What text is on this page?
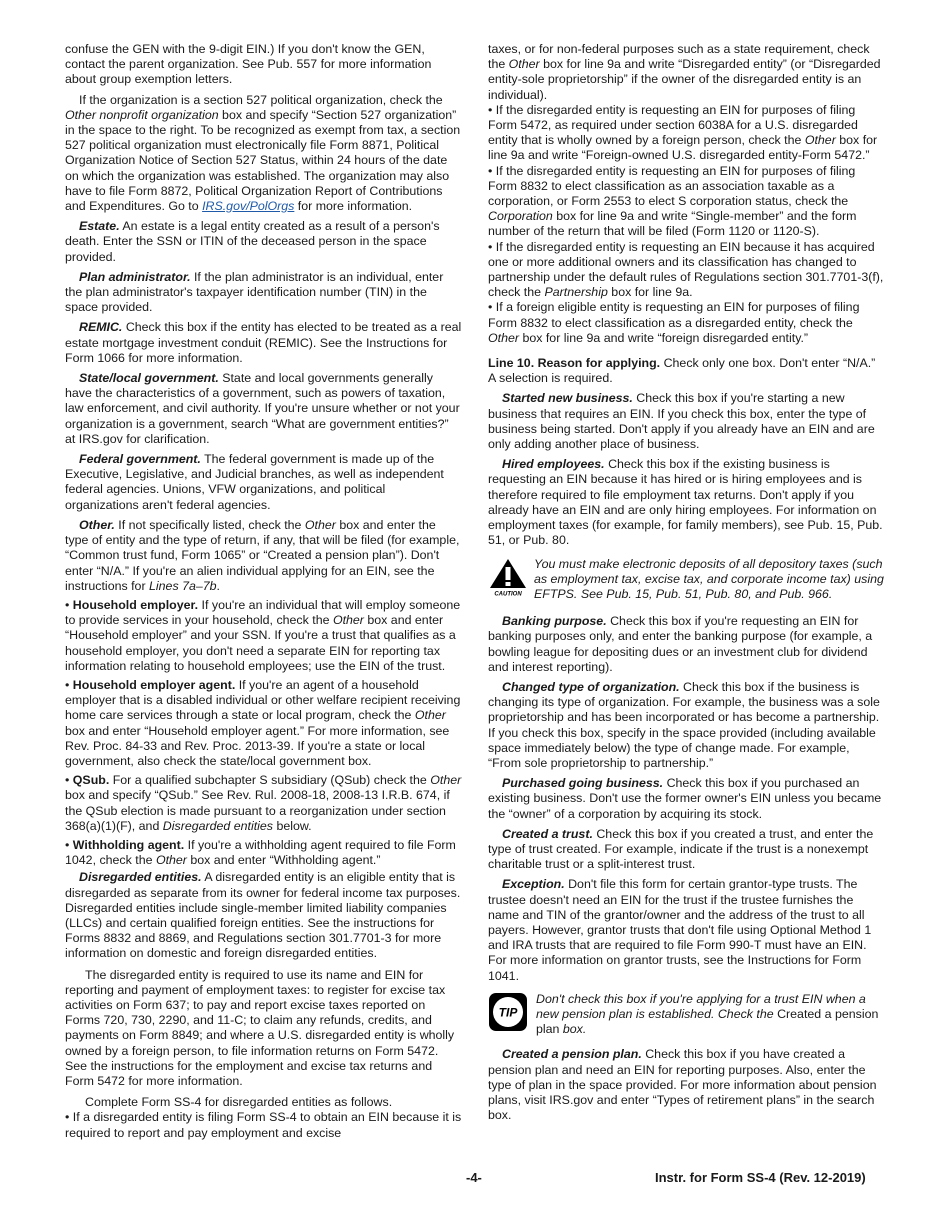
confuse the GEN with the 9-digit EIN.) If you don't know the GEN, contact the parent organization. See Pub. 557 for more information about group exemption letters.

If the organization is a section 527 political organization, check the Other nonprofit organization box and specify “Section 527 organization” in the space to the right. To be recognized as exempt from tax, a section 527 political organization must electronically file Form 8871, Political Organization Notice of Section 527 Status, within 24 hours of the date on which the organization was established. The organization may also have to file Form 8872, Political Organization Report of Contributions and Expenditures. Go to IRS.gov/PolOrgs for more information.

Estate. An estate is a legal entity created as a result of a person's death. Enter the SSN or ITIN of the deceased person in the space provided.

Plan administrator. If the plan administrator is an individual, enter the plan administrator's taxpayer identification number (TIN) in the space provided.

REMIC. Check this box if the entity has elected to be treated as a real estate mortgage investment conduit (REMIC). See the Instructions for Form 1066 for more information.

State/local government. State and local governments generally have the characteristics of a government, such as powers of taxation, law enforcement, and civil authority. If you're unsure whether or not your organization is a government, search “What are government entities?” at IRS.gov for clarification.

Federal government. The federal government is made up of the Executive, Legislative, and Judicial branches, as well as independent federal agencies. Unions, VFW organizations, and political organizations aren't federal agencies.

Other. If not specifically listed, check the Other box and enter the type of entity and the type of return, if any, that will be filed (for example, “Common trust fund, Form 1065” or “Created a pension plan”). Don't enter “N/A.” If you're an alien individual applying for an EIN, see the instructions for Lines 7a–7b.

• Household employer. If you're an individual that will employ someone to provide services in your household, check the Other box and enter “Household employer” and your SSN. If you're a trust that qualifies as a household employer, you don't need a separate EIN for reporting tax information relating to household employees; use the EIN of the trust.

• Household employer agent. If you're an agent of a household employer that is a disabled individual or other welfare recipient receiving home care services through a state or local program, check the Other box and enter “Household employer agent.” For more information, see Rev. Proc. 84-33 and Rev. Proc. 2013-39. If you're a state or local government, also check the state/local government box.

• QSub. For a qualified subchapter S subsidiary (QSub) check the Other box and specify “QSub.” See Rev. Rul. 2008-18, 2008-13 I.R.B. 674, if the QSub election is made pursuant to a reorganization under section 368(a)(1)(F), and Disregarded entities below.

• Withholding agent. If you're a withholding agent required to file Form 1042, check the Other box and enter “Withholding agent.”

Disregarded entities. A disregarded entity is an eligible entity that is disregarded as separate from its owner for federal income tax purposes. Disregarded entities include single-member limited liability companies (LLCs) and certain qualified foreign entities. See the instructions for Forms 8832 and 8869, and Regulations section 301.7701-3 for more information on domestic and foreign disregarded entities.

The disregarded entity is required to use its name and EIN for reporting and payment of employment taxes: to register for excise tax activities on Form 637; to pay and report excise taxes reported on Forms 720, 730, 2290, and 11-C; to claim any refunds, credits, and payments on Form 8849; and where a U.S. disregarded entity is wholly owned by a foreign person, to file information returns on Form 5472. See the instructions for the employment and excise tax returns and Form 5472 for more information.

Complete Form SS-4 for disregarded entities as follows.

• If a disregarded entity is filing Form SS-4 to obtain an EIN because it is required to report and pay employment and excise

taxes, or for non-federal purposes such as a state requirement, check the Other box for line 9a and write “Disregarded entity” (or “Disregarded entity-sole proprietorship” if the owner of the disregarded entity is an individual).

• If the disregarded entity is requesting an EIN for purposes of filing Form 5472, as required under section 6038A for a U.S. disregarded entity that is wholly owned by a foreign person, check the Other box for line 9a and write “Foreign-owned U.S. disregarded entity-Form 5472.”

• If the disregarded entity is requesting an EIN for purposes of filing Form 8832 to elect classification as an association taxable as a corporation, or Form 2553 to elect S corporation status, check the Corporation box for line 9a and write “Single-member” and the form number of the return that will be filed (Form 1120 or 1120-S).

• If the disregarded entity is requesting an EIN because it has acquired one or more additional owners and its classification has changed to partnership under the default rules of Regulations section 301.7701-3(f), check the Partnership box for line 9a.

• If a foreign eligible entity is requesting an EIN for purposes of filing Form 8832 to elect classification as a disregarded entity, check the Other box for line 9a and write “foreign disregarded entity.”

Line 10. Reason for applying. Check only one box. Don't enter “N/A.” A selection is required.

Started new business. Check this box if you're starting a new business that requires an EIN. If you check this box, enter the type of business being started. Don't apply if you already have an EIN and are only adding another place of business.

Hired employees. Check this box if the existing business is requesting an EIN because it has hired or is hiring employees and is therefore required to file employment tax returns. Don't apply if you already have an EIN and are only hiring employees. For information on employment taxes (for example, for family members), see Pub. 15, Pub. 51, or Pub. 80.

CAUTION
You must make electronic deposits of all depository taxes (such as employment tax, excise tax, and corporate income tax) using EFTPS. See Pub. 15, Pub. 51, Pub. 80, and Pub. 966.

Banking purpose. Check this box if you're requesting an EIN for banking purposes only, and enter the banking purpose (for example, a bowling league for depositing dues or an investment club for dividend and interest reporting).

Changed type of organization. Check this box if the business is changing its type of organization. For example, the business was a sole proprietorship and has been incorporated or has become a partnership. If you check this box, specify in the space provided (including available space immediately below) the type of change made. For example, “From sole proprietorship to partnership.”

Purchased going business. Check this box if you purchased an existing business. Don't use the former owner's EIN unless you became the “owner” of a corporation by acquiring its stock.

Created a trust. Check this box if you created a trust, and enter the type of trust created. For example, indicate if the trust is a nonexempt charitable trust or a split-interest trust.

Exception. Don't file this form for certain grantor-type trusts. The trustee doesn't need an EIN for the trust if the trustee furnishes the name and TIN of the grantor/owner and the address of the trust to all payers. However, grantor trusts that don't file using Optional Method 1 and IRA trusts that are required to file Form 990-T must have an EIN. For more information on grantor trusts, see the Instructions for Form 1041.

TIP
Don't check this box if you're applying for a trust EIN when a new pension plan is established. Check the Created a pension plan box.

Created a pension plan. Check this box if you have created a pension plan and need an EIN for reporting purposes. Also, enter the type of plan in the space provided. For more information about pension plans, visit IRS.gov and enter “Types of retirement plans” in the search box.

-4-	Instr. for Form SS-4 (Rev. 12-2019)
